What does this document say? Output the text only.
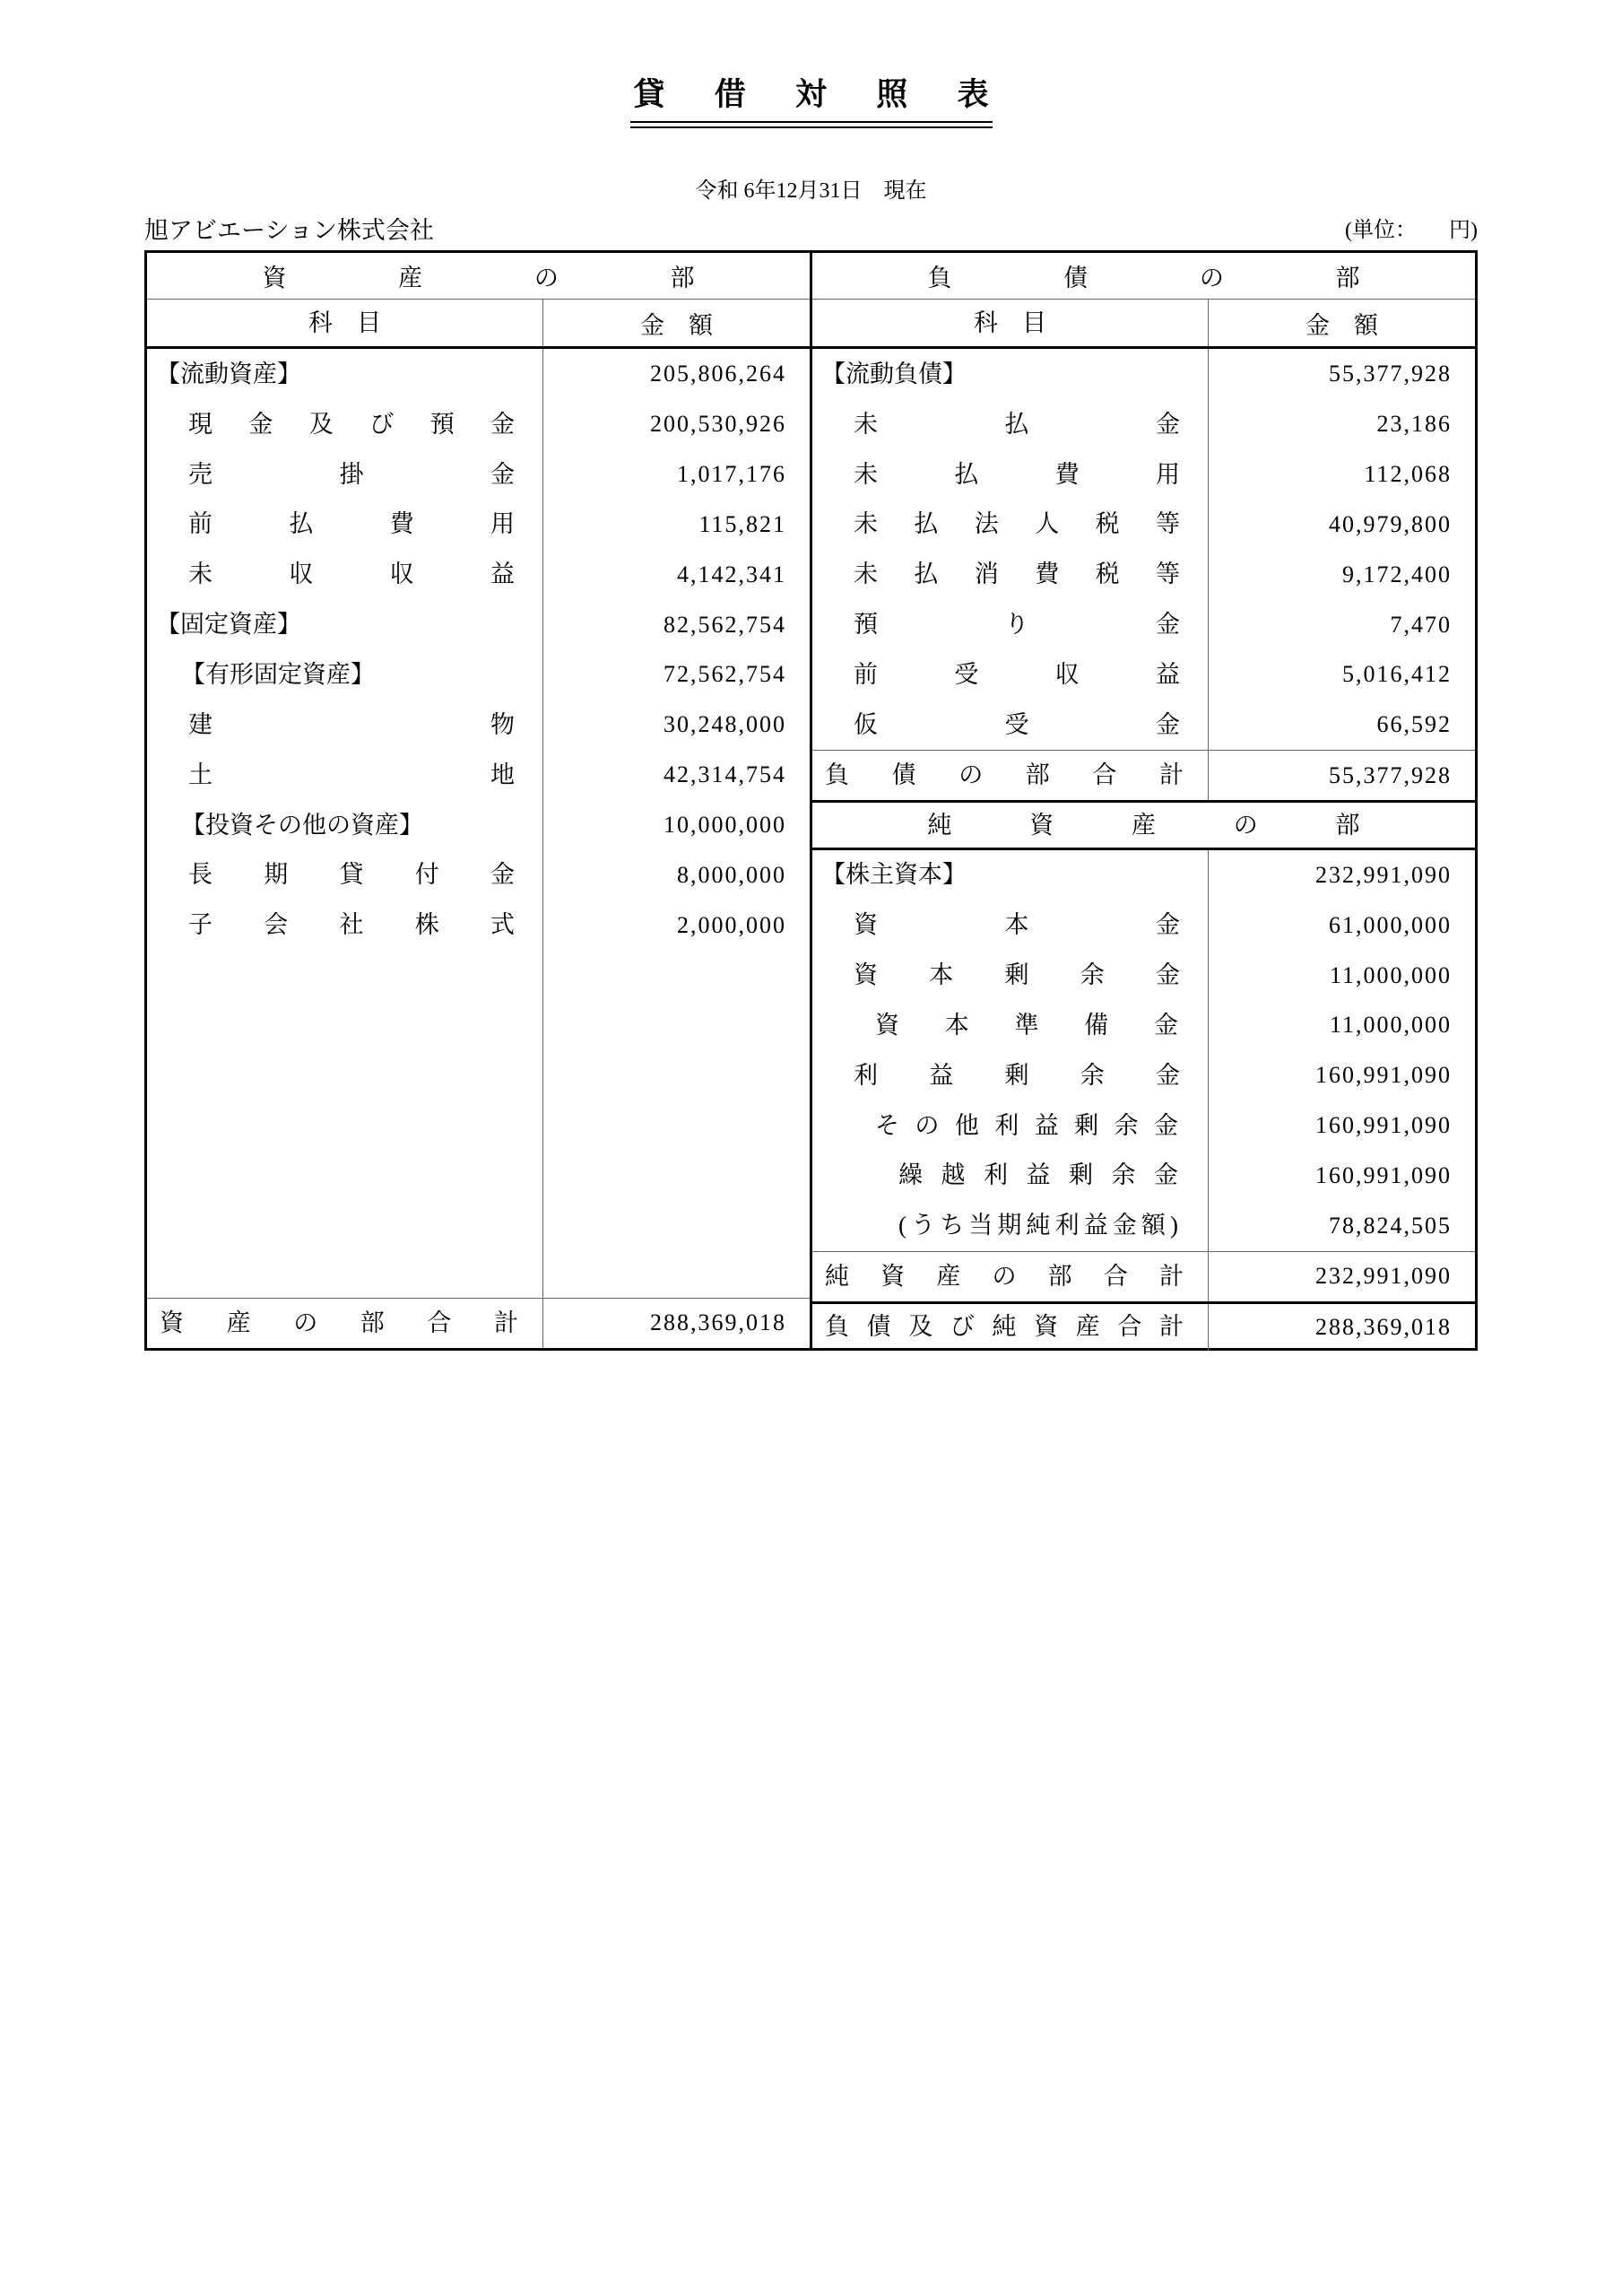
貸借対照表
令和 6年12月31日　現在
旭アビエーション株式会社	(単位：　　円)
資産の部
科　目	金　額
【流動資産】	205,806,264
現金及び預金	200,530,926
売掛金	1,017,176
前払費用	115,821
未収収益	4,142,341
【固定資産】	82,562,754
【有形固定資産】	72,562,754
建物	30,248,000
土地	42,314,754
【投資その他の資産】	10,000,000
長期貸付金	8,000,000
子会社株式	2,000,000
資産の部合計	288,369,018
負債の部
科　目	金　額
【流動負債】	55,377,928
未払金	23,186
未払費用	112,068
未払法人税等	40,979,800
未払消費税等	9,172,400
預り金	7,470
前受収益	5,016,412
仮受金	66,592
負債の部合計	55,377,928
純資産の部
【株主資本】	232,991,090
資本金	61,000,000
資本剰余金	11,000,000
資本準備金	11,000,000
利益剰余金	160,991,090
その他利益剰余金	160,991,090
繰越利益剰余金	160,991,090
(うち当期純利益金額)	78,824,505
純資産の部合計	232,991,090
負債及び純資産合計	288,369,018
